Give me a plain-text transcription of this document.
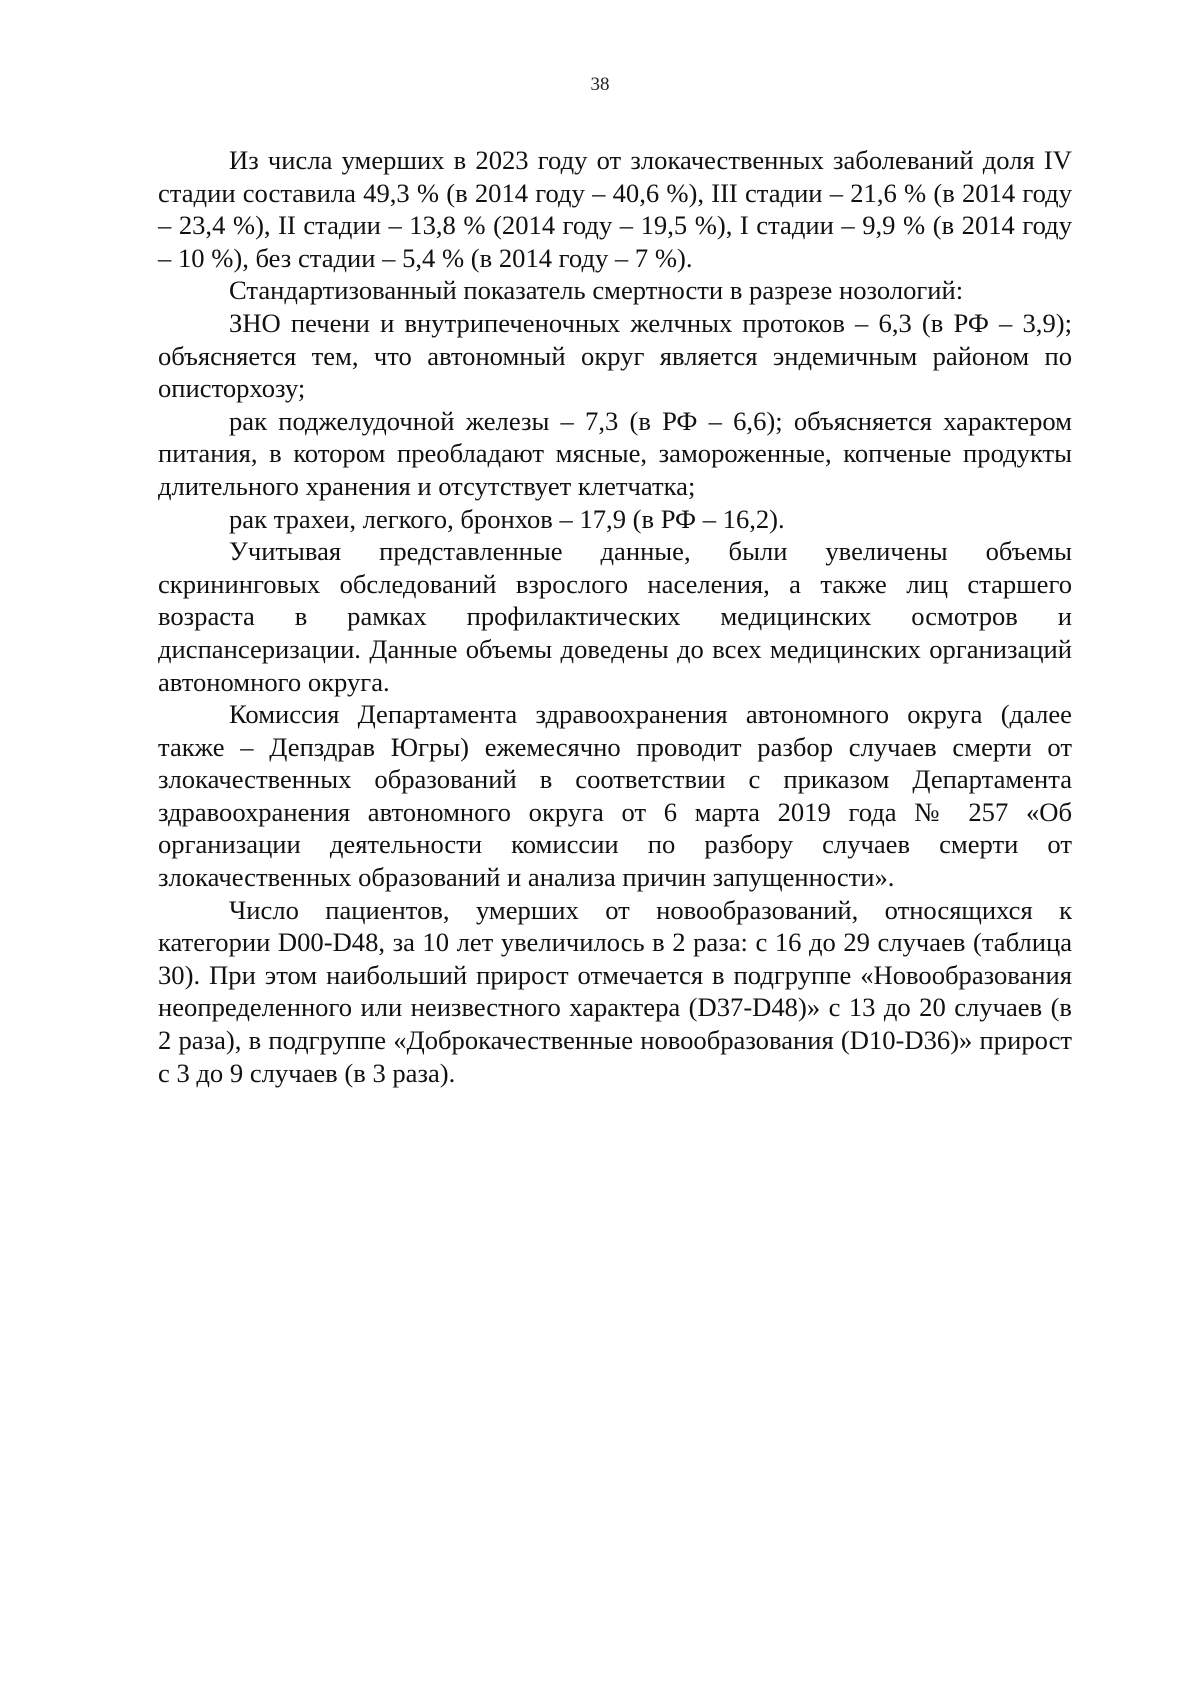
38

Из числа умерших в 2023 году от злокачественных заболеваний доля IV стадии составила 49,3 % (в 2014 году – 40,6 %), III стадии – 21,6 % (в 2014 году – 23,4 %), II стадии – 13,8 % (2014 году – 19,5 %), I стадии – 9,9 % (в 2014 году – 10 %), без стадии – 5,4 % (в 2014 году – 7 %).

Стандартизованный показатель смертности в разрезе нозологий:

ЗНО печени и внутрипеченочных желчных протоков – 6,3 (в РФ – 3,9); объясняется тем, что автономный округ является эндемичным районом по описторхозу;

рак поджелудочной железы – 7,3 (в РФ – 6,6); объясняется характером питания, в котором преобладают мясные, замороженные, копченые продукты длительного хранения и отсутствует клетчатка;

рак трахеи, легкого, бронхов – 17,9 (в РФ – 16,2).

Учитывая представленные данные, были увеличены объемы скрининговых обследований взрослого населения, а также лиц старшего возраста в рамках профилактических медицинских осмотров и диспансеризации. Данные объемы доведены до всех медицинских организаций автономного округа.

Комиссия Департамента здравоохранения автономного округа (далее также – Депздрав Югры) ежемесячно проводит разбор случаев смерти от злокачественных образований в соответствии с приказом Департамента здравоохранения автономного округа от 6 марта 2019 года № 257 «Об организации деятельности комиссии по разбору случаев смерти от злокачественных образований и анализа причин запущенности».

Число пациентов, умерших от новообразований, относящихся к категории D00-D48, за 10 лет увеличилось в 2 раза: с 16 до 29 случаев (таблица 30). При этом наибольший прирост отмечается в подгруппе «Новообразования неопределенного или неизвестного характера (D37-D48)» с 13 до 20 случаев (в 2 раза), в подгруппе «Доброкачественные новообразования (D10-D36)» прирост с 3 до 9 случаев (в 3 раза).
